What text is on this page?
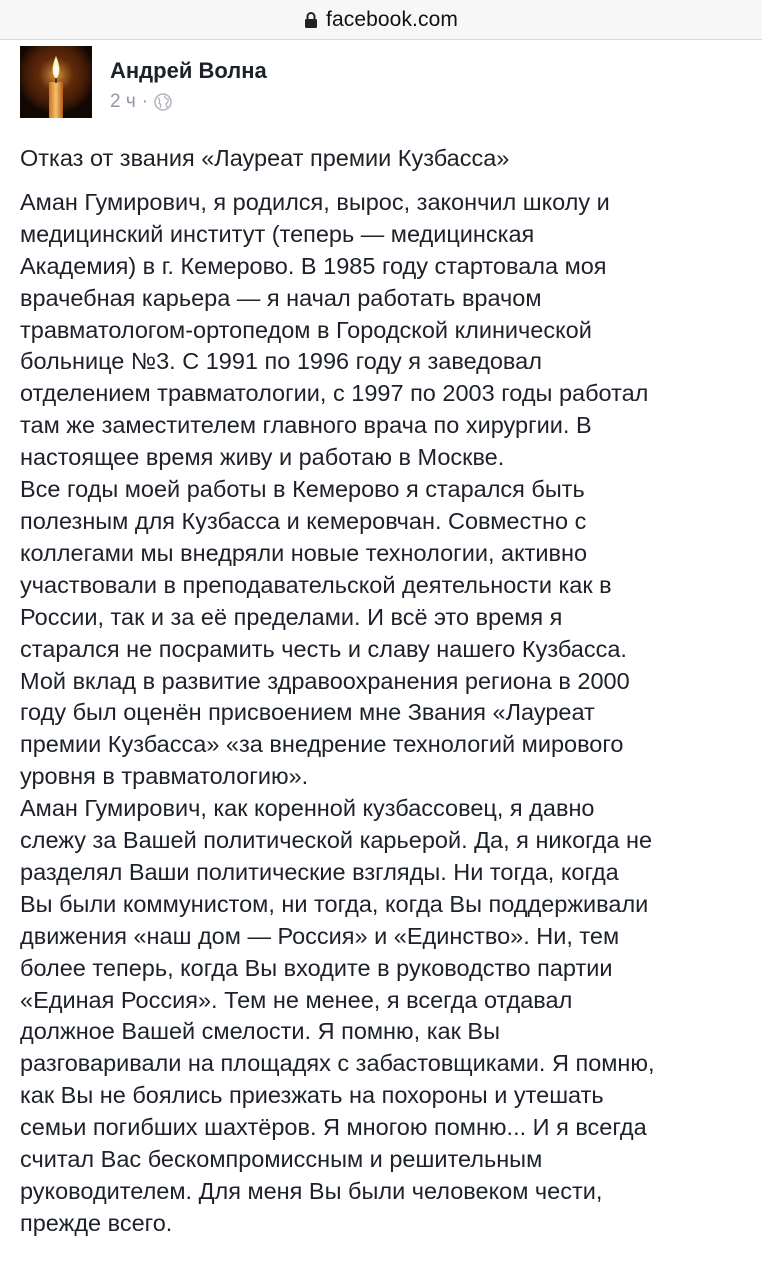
facebook.com
Андрей Волна
2 ч ·
Отказ от звания «Лауреат премии Кузбасса»
Аман Гумирович, я родился, вырос, закончил школу и
медицинский институт (теперь — медицинская
Академия) в г. Кемерово. В 1985 году стартовала моя
врачебная карьера — я начал работать врачом
травматологом-ортопедом в Городской клинической
больнице №3. С 1991 по 1996 году я заведовал
отделением травматологии, с 1997 по 2003 годы работал
там же заместителем главного врача по хирургии. В
настоящее время живу и работаю в Москве.
Все годы моей работы в Кемерово я старался быть
полезным для Кузбасса и кемеровчан. Совместно с
коллегами мы внедряли новые технологии, активно
участвовали в преподавательской деятельности как в
России, так и за её пределами. И всё это время я
старался не посрамить честь и славу нашего Кузбасса.
Мой вклад в развитие здравоохранения региона в 2000
году был оценён присвоением мне Звания «Лауреат
премии Кузбасса» «за внедрение технологий мирового
уровня в травматологию».
Аман Гумирович, как коренной кузбассовец, я давно
слежу за Вашей политической карьерой. Да, я никогда не
разделял Ваши политические взгляды. Ни тогда, когда
Вы были коммунистом, ни тогда, когда Вы поддерживали
движения «наш дом — Россия» и «Единство». Ни, тем
более теперь, когда Вы входите в руководство партии
«Единая Россия». Тем не менее, я всегда отдавал
должное Вашей смелости. Я помню, как Вы
разговаривали на площадях с забастовщиками. Я помню,
как Вы не боялись приезжать на похороны и утешать
семьи погибших шахтёров. Я многою помню... И я всегда
считал Вас бескомпромиссным и решительным
руководителем. Для меня Вы были человеком чести,
прежде всего.
